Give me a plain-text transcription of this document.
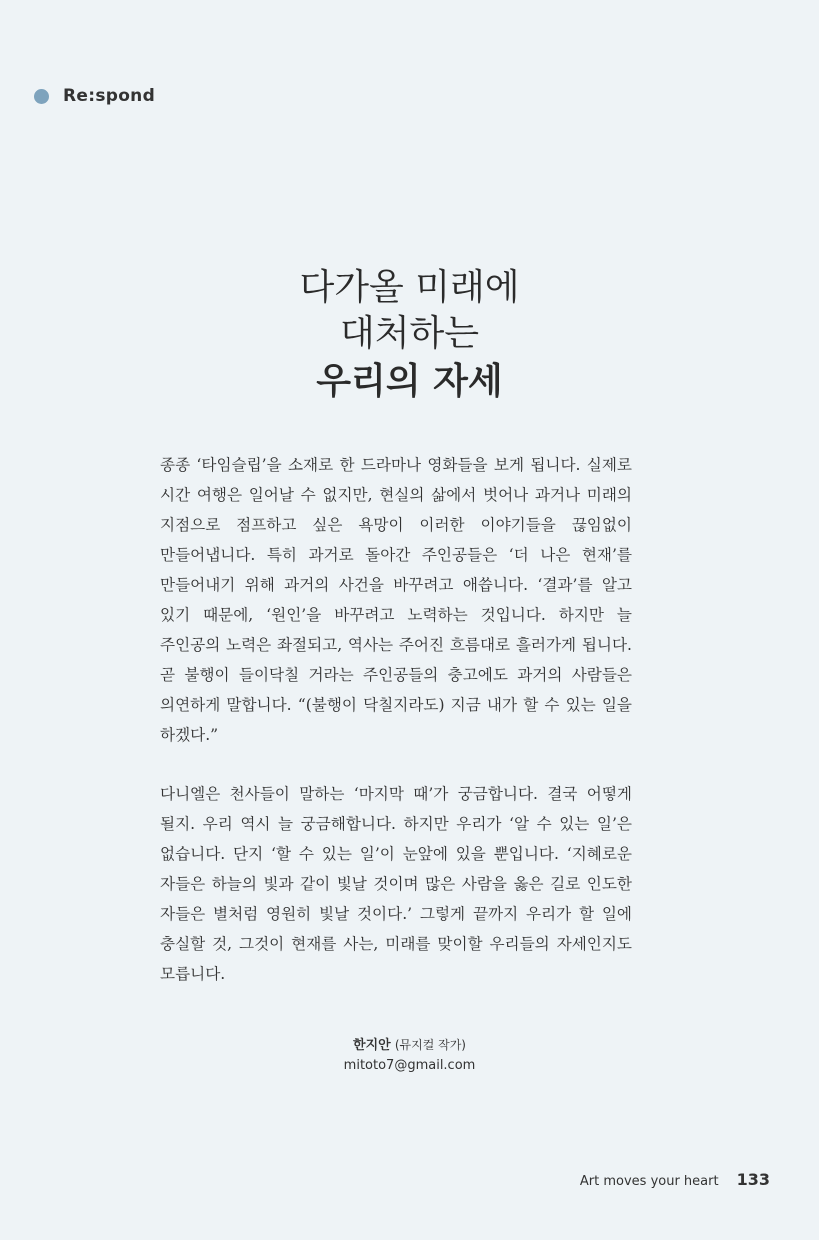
Re:spond
다가올 미래에
대처하는
우리의 자세

종종 ‘타임슬립’을 소재로 한 드라마나 영화들을 보게 됩니다. 실제로 시간 여행은 일어날 수 없지만, 현실의 삶에서 벗어나 과거나 미래의 지점으로 점프하고 싶은 욕망이 이러한 이야기들을 끊임없이 만들어냅니다. 특히 과거로 돌아간 주인공들은 ‘더 나은 현재’를 만들어내기 위해 과거의 사건을 바꾸려고 애씁니다. ‘결과’를 알고 있기 때문에, ‘원인’을 바꾸려고 노력하는 것입니다. 하지만 늘 주인공의 노력은 좌절되고, 역사는 주어진 흐름대로 흘러가게 됩니다. 곧 불행이 들이닥칠 거라는 주인공들의 충고에도 과거의 사람들은 의연하게 말합니다. “(불행이 닥칠지라도) 지금 내가 할 수 있는 일을 하겠다.”

다니엘은 천사들이 말하는 ‘마지막 때’가 궁금합니다. 결국 어떻게 될지. 우리 역시 늘 궁금해합니다. 하지만 우리가 ‘알 수 있는 일’은 없습니다. 단지 ‘할 수 있는 일’이 눈앞에 있을 뿐입니다. ‘지혜로운 자들은 하늘의 빛과 같이 빛날 것이며 많은 사람을 옳은 길로 인도한 자들은 별처럼 영원히 빛날 것이다.’ 그렇게 끝까지 우리가 할 일에 충실할 것, 그것이 현재를 사는, 미래를 맞이할 우리들의 자세인지도 모릅니다.

한지안 (뮤지컬 작가)
mitoto7@gmail.com
Art moves your heart 133
